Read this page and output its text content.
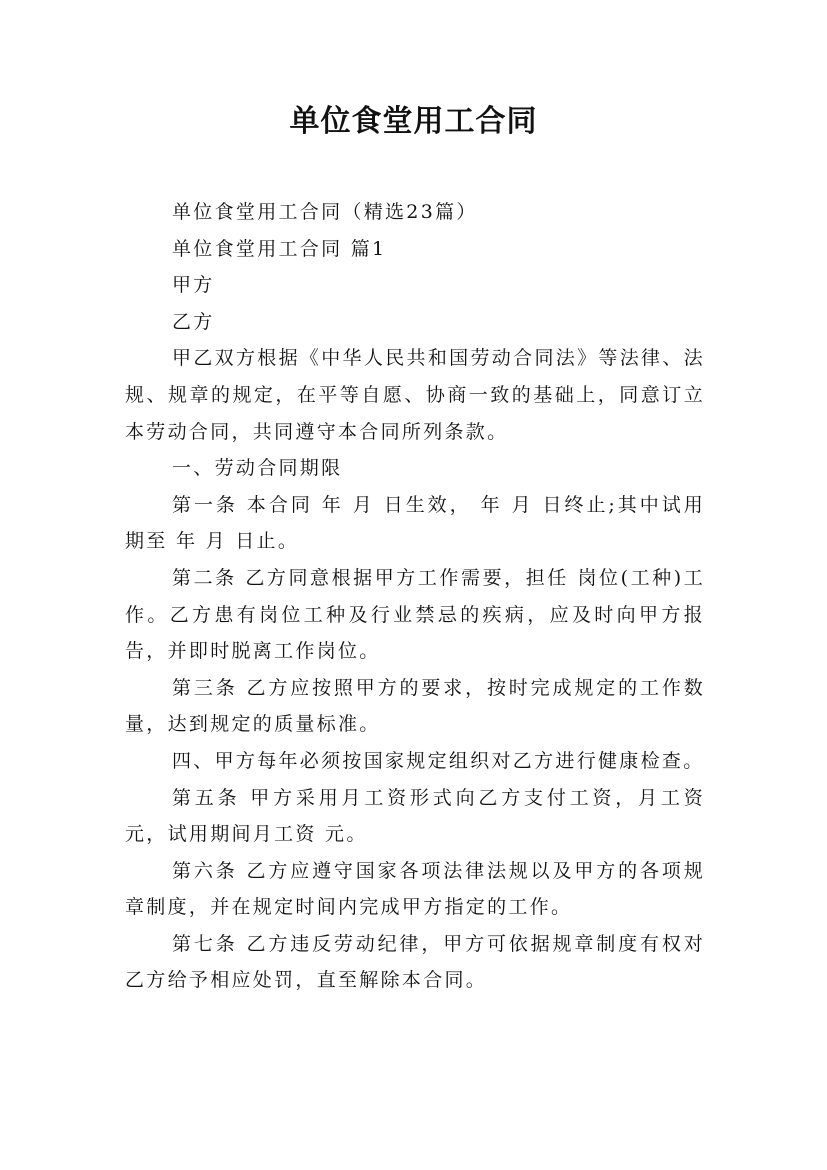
单位食堂用工合同

单位食堂用工合同（精选23篇）

单位食堂用工合同 篇1

甲方

乙方

甲乙双方根据《中华人民共和国劳动合同法》等法律、法规、规章的规定，在平等自愿、协商一致的基础上，同意订立本劳动合同，共同遵守本合同所列条款。

一、劳动合同期限

第一条 本合同 年 月 日生效， 年 月 日终止;其中试用期至 年 月 日止。

第二条 乙方同意根据甲方工作需要，担任 岗位(工种)工作。乙方患有岗位工种及行业禁忌的疾病，应及时向甲方报告，并即时脱离工作岗位。

第三条 乙方应按照甲方的要求，按时完成规定的工作数量，达到规定的质量标准。

四、甲方每年必须按国家规定组织对乙方进行健康检查。

第五条 甲方采用月工资形式向乙方支付工资，月工资 元，试用期间月工资 元。

第六条 乙方应遵守国家各项法律法规以及甲方的各项规章制度，并在规定时间内完成甲方指定的工作。

第七条 乙方违反劳动纪律，甲方可依据规章制度有权对乙方给予相应处罚，直至解除本合同。
